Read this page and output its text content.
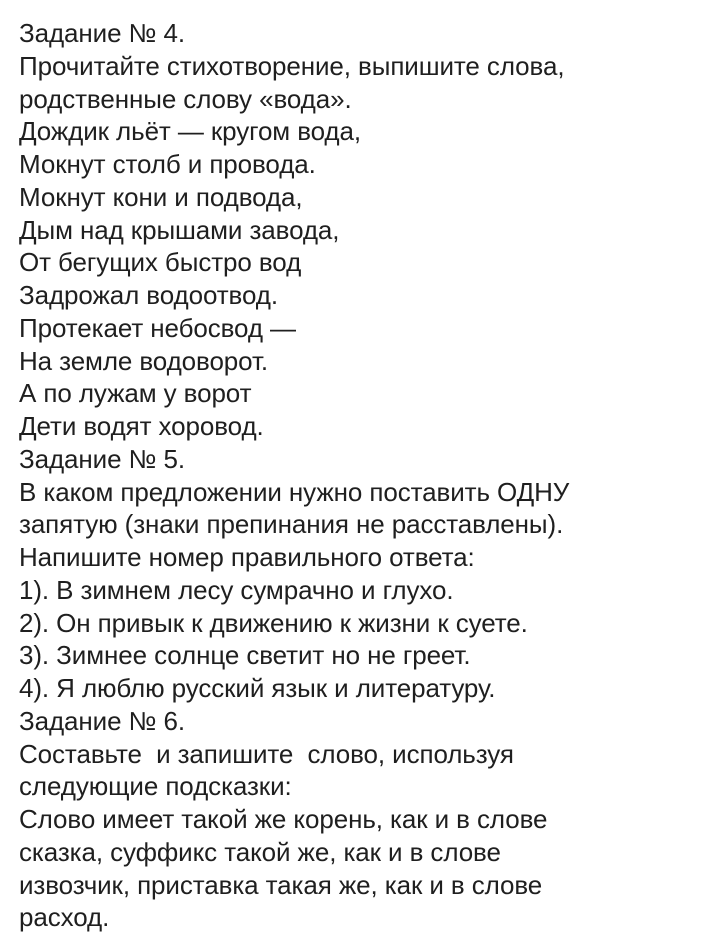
Задание № 4.
Прочитайте стихотворение, выпишите слова,
родственные слову «вода».
Дождик льёт — кругом вода,
Мокнут столб и провода.
Мокнут кони и подвода,
Дым над крышами завода,
От бегущих быстро вод
Задрожал водоотвод.
Протекает небосвод —
На земле водоворот.
А по лужам у ворот
Дети водят хоровод.
Задание № 5.
В каком предложении нужно поставить ОДНУ
запятую (знаки препинания не расставлены).
Напишите номер правильного ответа:
1). В зимнем лесу сумрачно и глухо.
2). Он привык к движению к жизни к суете.
3). Зимнее солнце светит но не греет.
4). Я люблю русский язык и литературу.
Задание № 6.
Составьте  и запишите  слово, используя
следующие подсказки:
Слово имеет такой же корень, как и в слове
сказка, суффикс такой же, как и в слове
извозчик, приставка такая же, как и в слове
расход.
